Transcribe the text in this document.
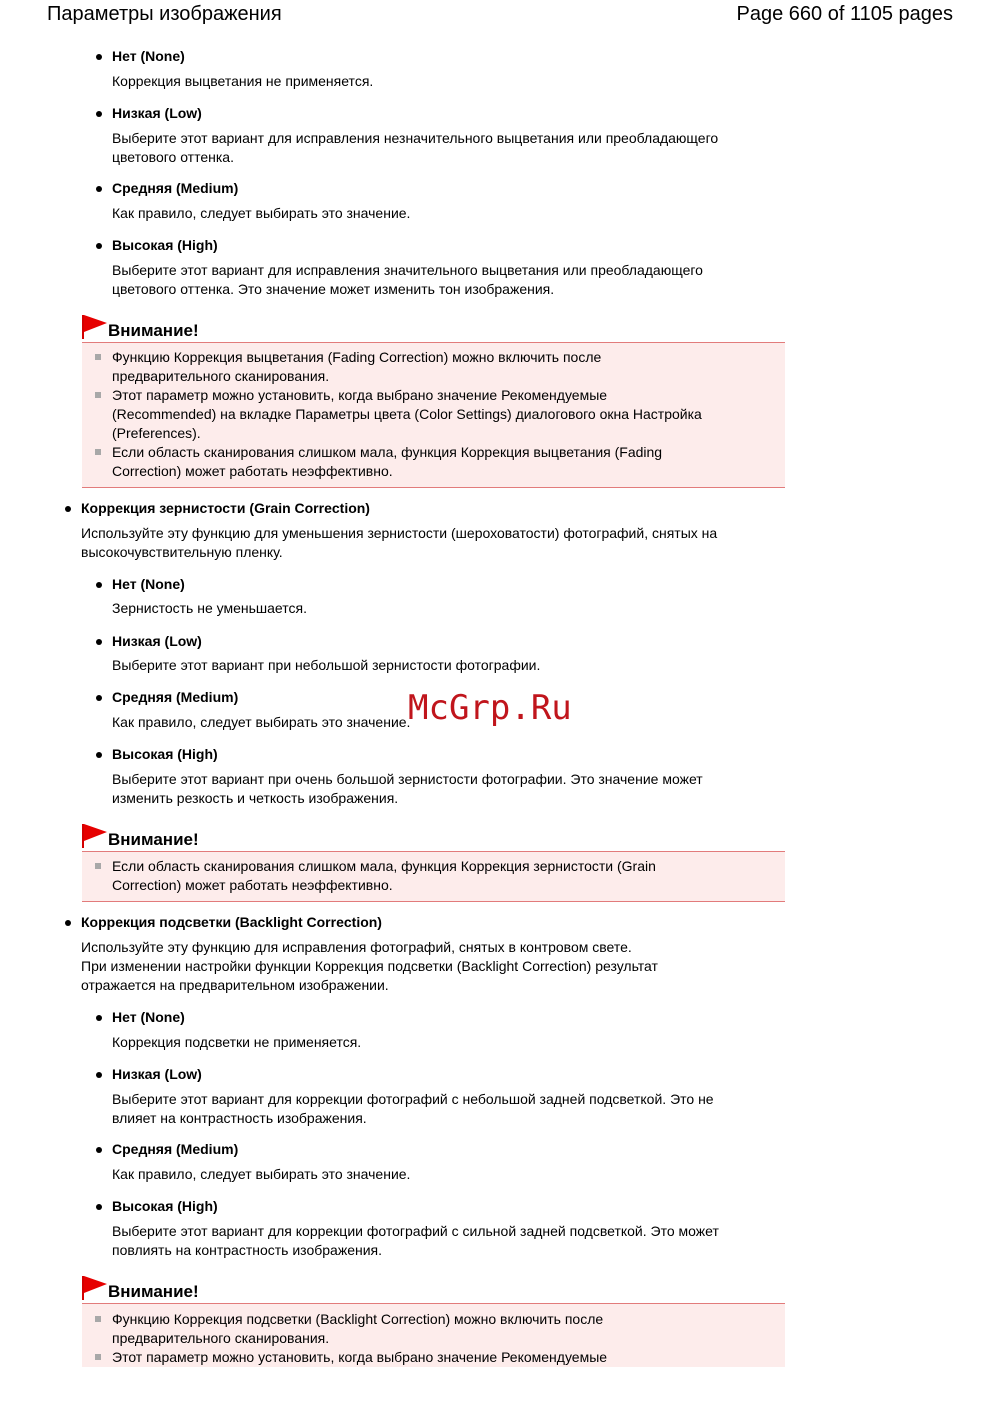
Параметры изображения	Page 660 of 1105 pages
Нет (None)
Коррекция выцветания не применяется.
Низкая (Low)
Выберите этот вариант для исправления незначительного выцветания или преобладающего
цветового оттенка.
Средняя (Medium)
Как правило, следует выбирать это значение.
Высокая (High)
Выберите этот вариант для исправления значительного выцветания или преобладающего
цветового оттенка. Это значение может изменить тон изображения.
Внимание!
Функцию Коррекция выцветания (Fading Correction) можно включить после
предварительного сканирования.
Этот параметр можно установить, когда выбрано значение Рекомендуемые
(Recommended) на вкладке Параметры цвета (Color Settings) диалогового окна Настройка
(Preferences).
Если область сканирования слишком мала, функция Коррекция выцветания (Fading
Correction) может работать неэффективно.
Коррекция зернистости (Grain Correction)
Используйте эту функцию для уменьшения зернистости (шероховатости) фотографий, снятых на
высокочувствительную пленку.
Нет (None)
Зернистость не уменьшается.
Низкая (Low)
Выберите этот вариант при небольшой зернистости фотографии.
Средняя (Medium)
Как правило, следует выбирать это значение.
Высокая (High)
Выберите этот вариант при очень большой зернистости фотографии. Это значение может
изменить резкость и четкость изображения.
Внимание!
Если область сканирования слишком мала, функция Коррекция зернистости (Grain
Correction) может работать неэффективно.
Коррекция подсветки (Backlight Correction)
Используйте эту функцию для исправления фотографий, снятых в контровом свете.
При изменении настройки функции Коррекция подсветки (Backlight Correction) результат
отражается на предварительном изображении.
Нет (None)
Коррекция подсветки не применяется.
Низкая (Low)
Выберите этот вариант для коррекции фотографий с небольшой задней подсветкой. Это не
влияет на контрастность изображения.
Средняя (Medium)
Как правило, следует выбирать это значение.
Высокая (High)
Выберите этот вариант для коррекции фотографий с сильной задней подсветкой. Это может
повлиять на контрастность изображения.
Внимание!
Функцию Коррекция подсветки (Backlight Correction) можно включить после
предварительного сканирования.
Этот параметр можно установить, когда выбрано значение Рекомендуемые
McGrp.Ru
